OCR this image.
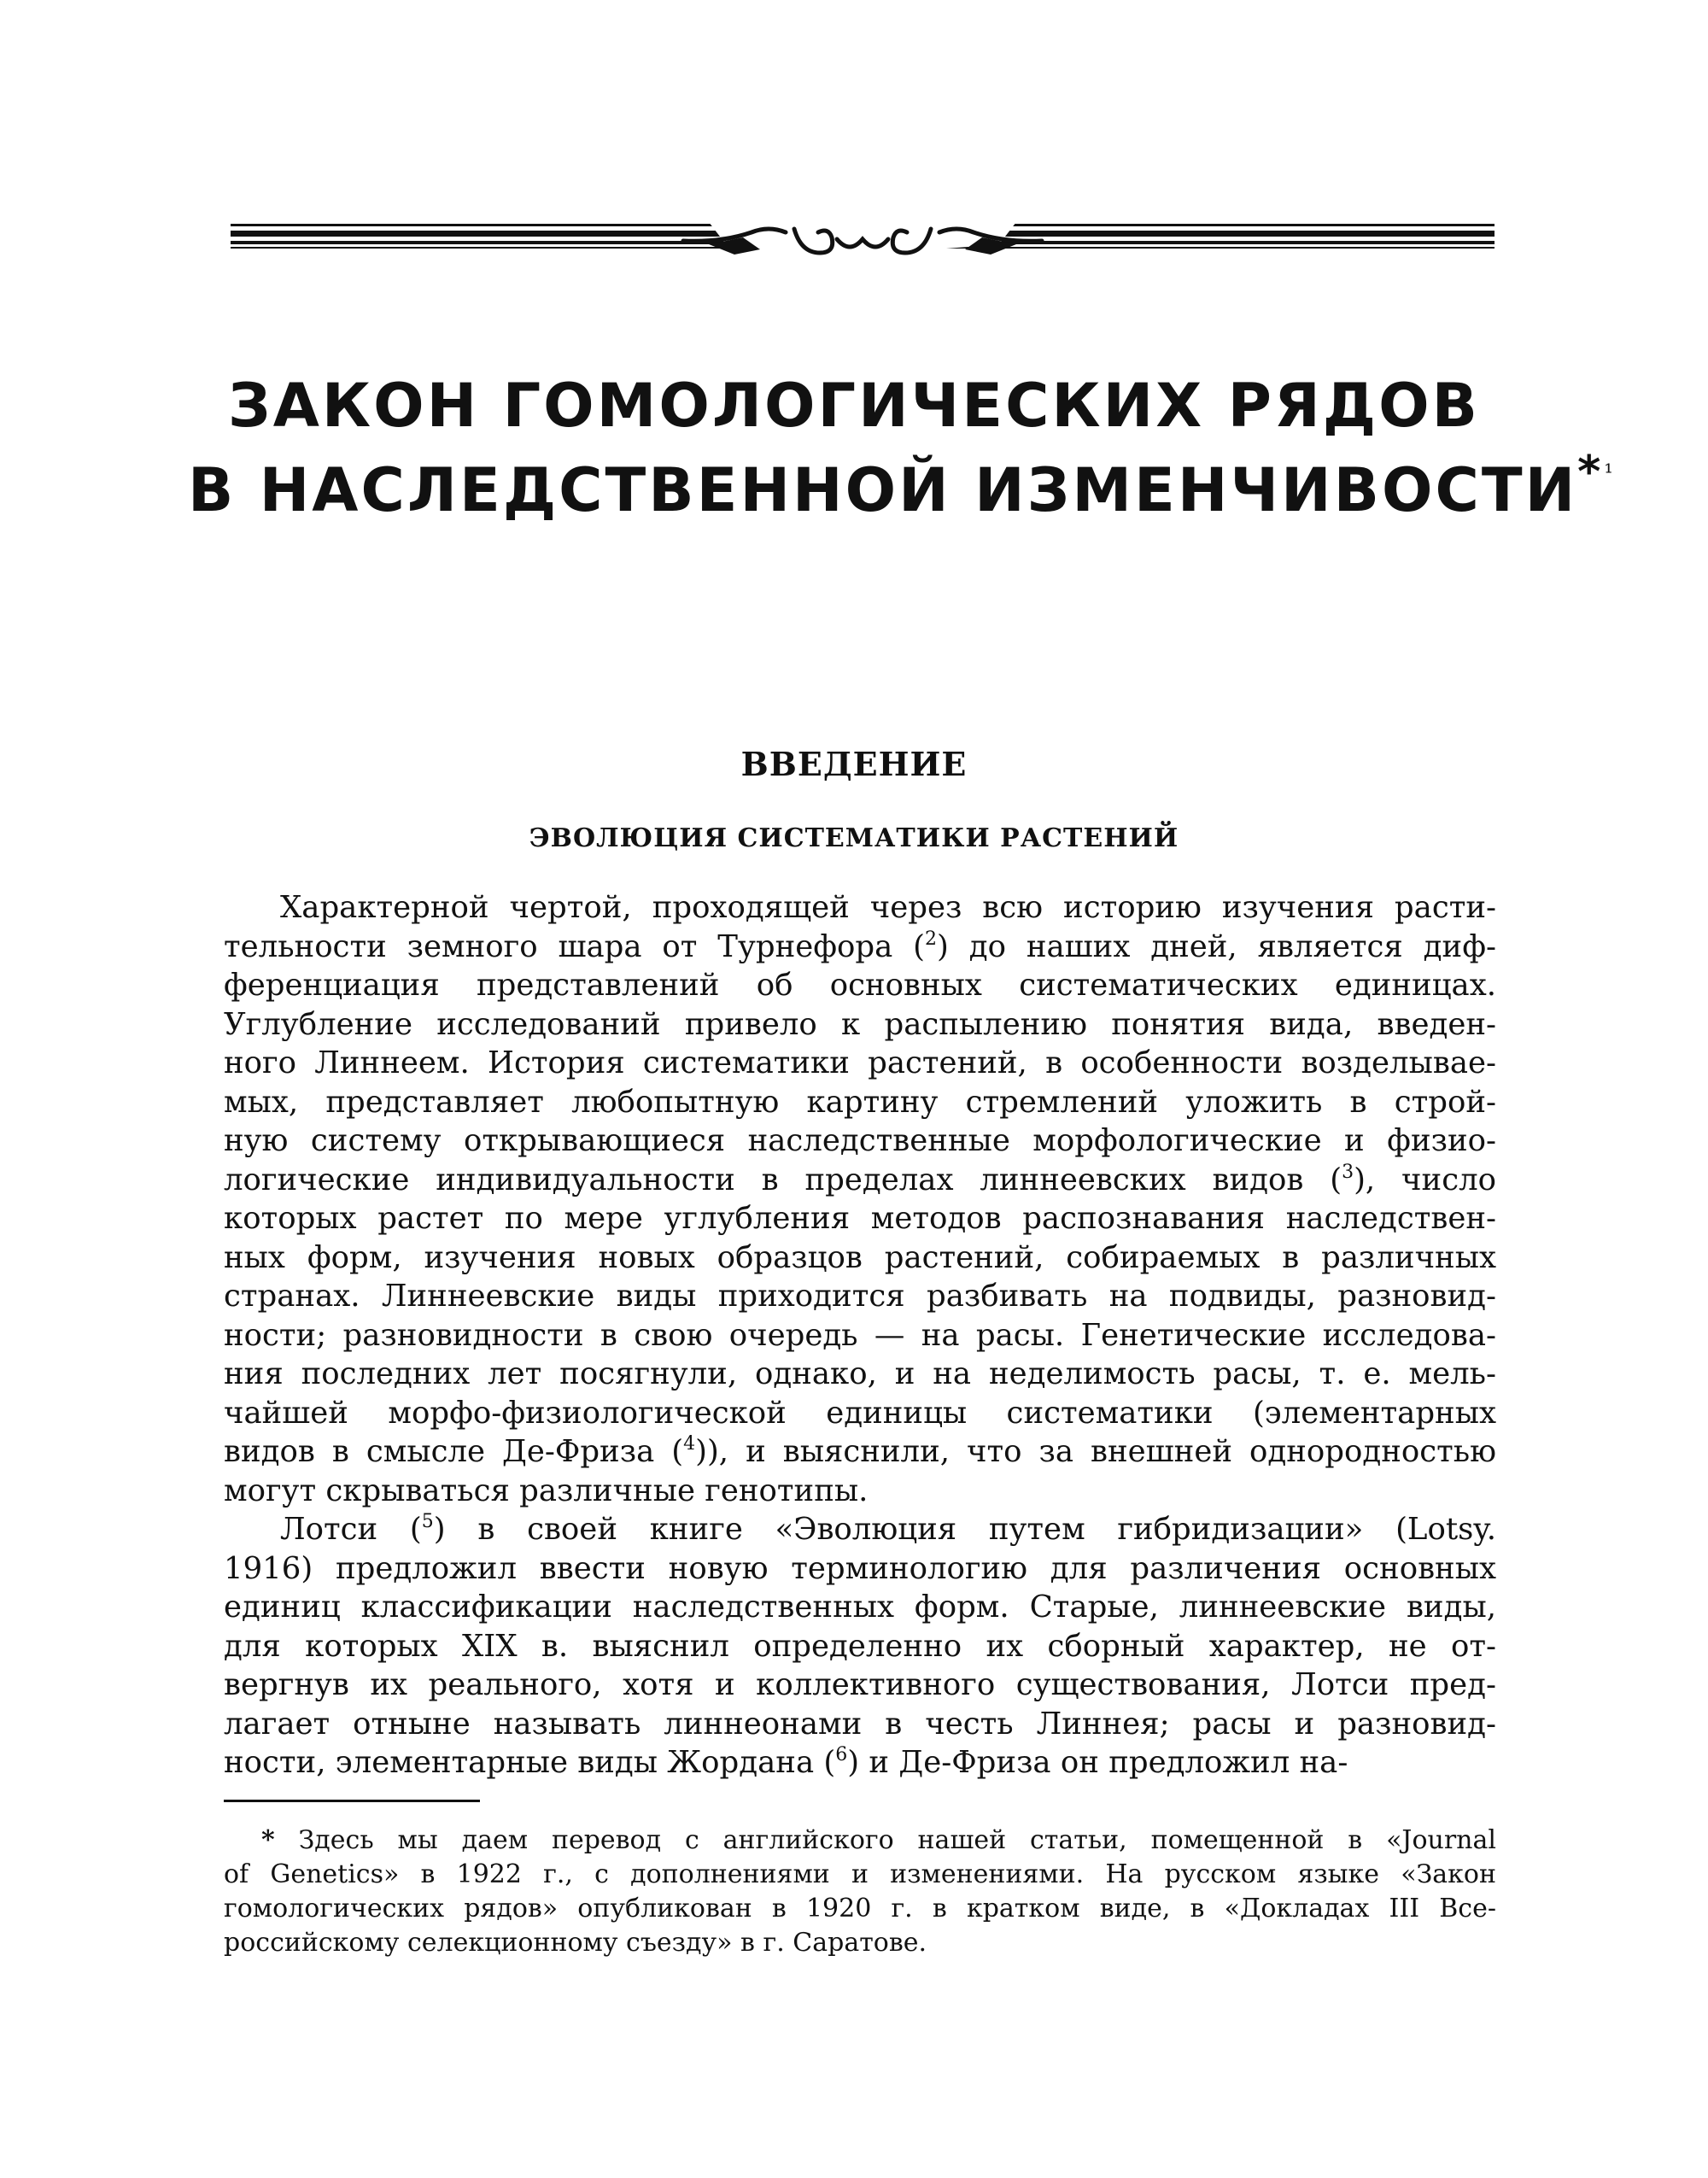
ЗАКОН ГОМОЛОГИЧЕСКИХ РЯДОВ
В НАСЛЕДСТВЕННОЙ ИЗМЕНЧИВОСТИ* $^{^1}$
ВВЕДЕНИЕ
ЭВОЛЮЦИЯ СИСТЕМАТИКИ РАСТЕНИЙ
Характерной чертой, проходящей через всю историю изучения расти-
тельности земного шара от Турнефора ($^2$) до наших дней, является диф-
ференциация представлений об основных систематических единицах.
Углубление исследований привело к распылению понятия вида, введен-
ного Линнеем. История систематики растений, в особенности возделывае-
мых, представляет любопытную картину стремлений уложить в строй-
ную систему открывающиеся наследственные морфологические и физио-
логические индивидуальности в пределах линнеевских видов ($^3$), число
которых растет по мере углубления методов распознавания наследствен-
ных форм, изучения новых образцов растений, собираемых в различных
странах. Линнеевские виды приходится разбивать на подвиды, разновид-
ности; разновидности в свою очередь — на расы. Генетические исследова-
ния последних лет посягнули, однако, и на неделимость расы, т. е. мель-
чайшей морфо-физиологической единицы систематики (элементарных
видов в смысле Де-Фриза ($^4$)), и выяснили, что за внешней однородностью
могут скрываться различные генотипы.
Лотси ($^5$) в своей книге «Эволюция путем гибридизации» (Lotsy.
1916) предложил ввести новую терминологию для различения основных
единиц классификации наследственных форм. Старые, линнеевские виды,
для которых XIX в. выяснил определенно их сборный характер, не от-
вергнув их реального, хотя и коллективного существования, Лотси пред-
лагает отныне называть линнеонами в честь Линнея; расы и разновид-
ности, элементарные виды Жордана ($^6$) и Де-Фриза он предложил на-
* Здесь мы даем перевод с английского нашей статьи, помещенной в «Journal
of Genetics» в 1922 г., с дополнениями и изменениями. На русском языке «Закон
гомологических рядов» опубликован в 1920 г. в кратком виде, в «Докладах III Все-
российскому селекционному съезду» в г. Саратове.
